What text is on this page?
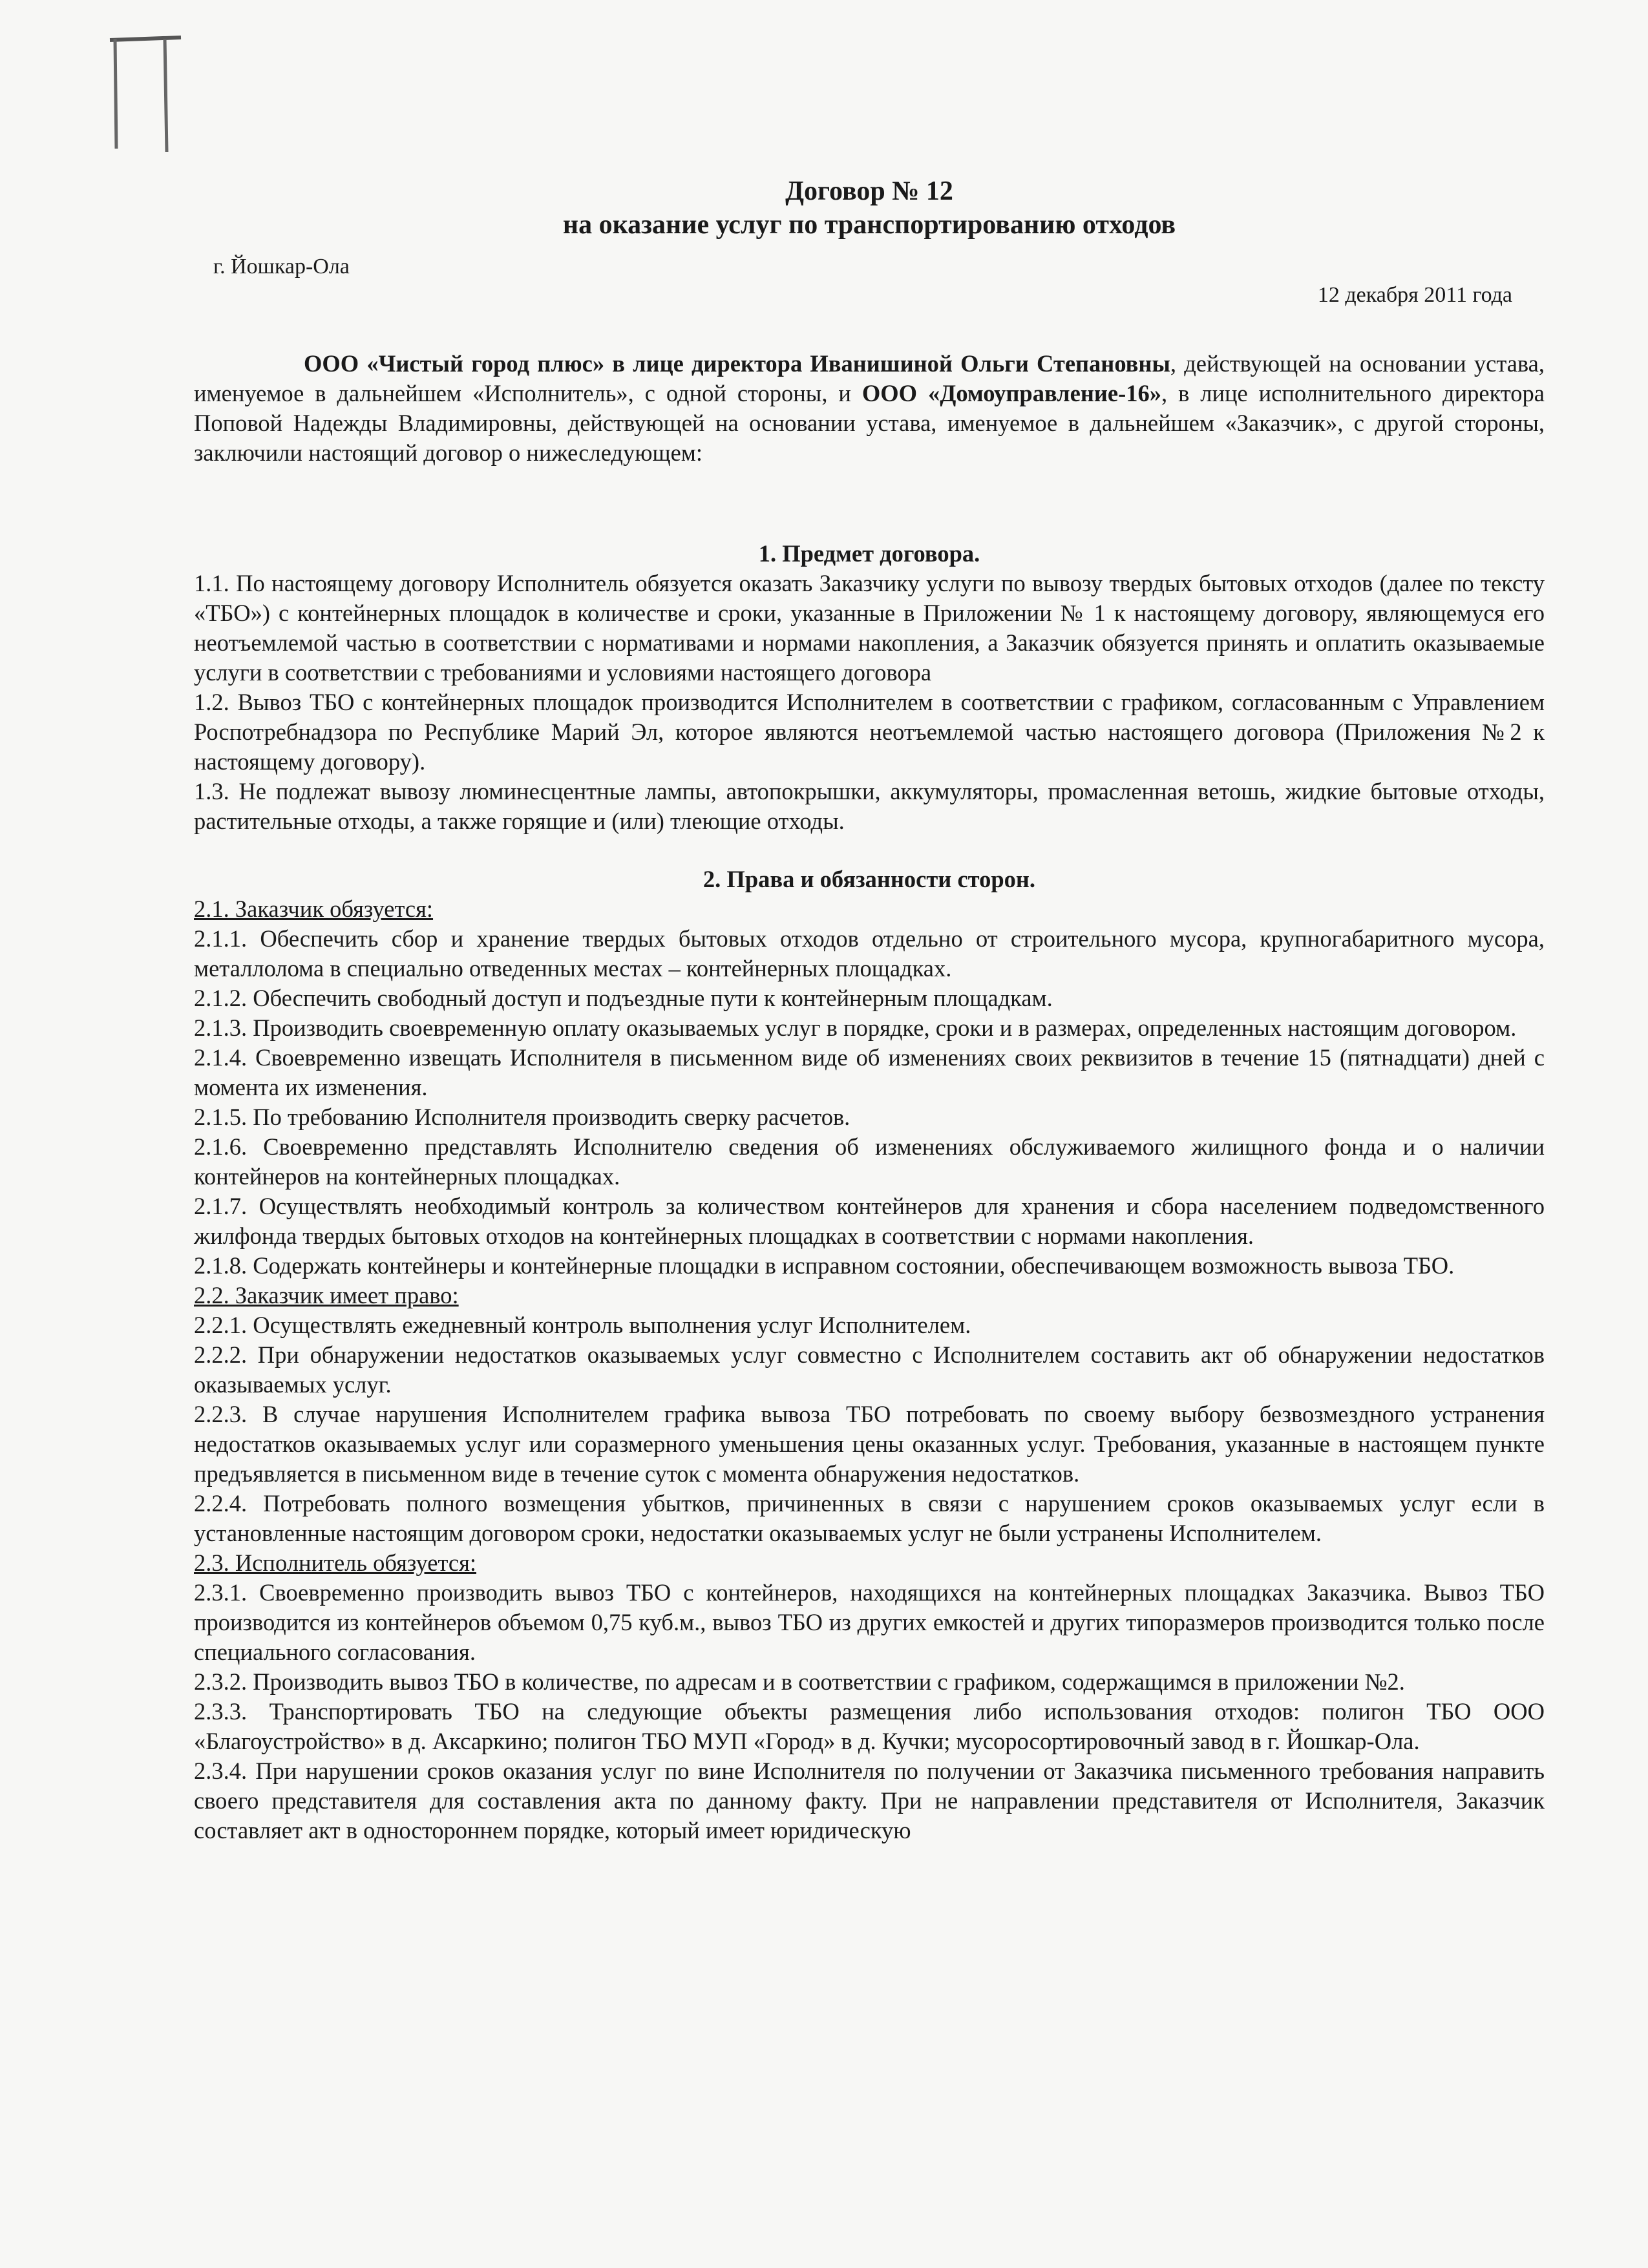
Договор № 12
на оказание услуг по транспортированию отходов
г. Йошкар-Ола
12 декабря 2011 года

ООО «Чистый город плюс» в лице директора Иванишиной Ольги Степановны, действующей на основании устава, именуемое в дальнейшем «Исполнитель», с одной стороны, и ООО «Домоуправление-16», в лице исполнительного директора Поповой Надежды Владимировны, действующей на основании устава, именуемое в дальнейшем «Заказчик», с другой стороны, заключили настоящий договор о нижеследующем:

1. Предмет договора.

1.1. По настоящему договору Исполнитель обязуется оказать Заказчику услуги по вывозу твердых бытовых отходов (далее по тексту «ТБО») с контейнерных площадок в количестве и сроки, указанные в Приложении № 1 к настоящему договору, являющемуся его неотъемлемой частью в соответствии с нормативами и нормами накопления, а Заказчик обязуется принять и оплатить оказываемые услуги в соответствии с требованиями и условиями настоящего договора

1.2. Вывоз ТБО с контейнерных площадок производится Исполнителем в соответствии с графиком, согласованным с Управлением Роспотребнадзора по Республике Марий Эл, которое являются неотъемлемой частью настоящего договора (Приложения №2 к настоящему договору).

1.3. Не подлежат вывозу люминесцентные лампы, автопокрышки, аккумуляторы, промасленная ветошь, жидкие бытовые отходы, растительные отходы, а также горящие и (или) тлеющие отходы.

2. Права и обязанности сторон.

2.1. Заказчик обязуется:

2.1.1. Обеспечить сбор и хранение твердых бытовых отходов отдельно от строительного мусора, крупногабаритного мусора, металлолома в специально отведенных местах – контейнерных площадках.

2.1.2. Обеспечить свободный доступ и подъездные пути к контейнерным площадкам.

2.1.3. Производить своевременную оплату оказываемых услуг в порядке, сроки и в размерах, определенных настоящим договором.

2.1.4. Своевременно извещать Исполнителя в письменном виде об изменениях своих реквизитов в течение 15 (пятнадцати) дней с момента их изменения.

2.1.5. По требованию Исполнителя производить сверку расчетов.

2.1.6. Своевременно представлять Исполнителю сведения об изменениях обслуживаемого жилищного фонда и о наличии контейнеров на контейнерных площадках.

2.1.7. Осуществлять необходимый контроль за количеством контейнеров для хранения и сбора населением подведомственного жилфонда твердых бытовых отходов на контейнерных площадках в соответствии с нормами накопления.

2.1.8. Содержать контейнеры и контейнерные площадки в исправном состоянии, обеспечивающем возможность вывоза ТБО.

2.2. Заказчик имеет право:

2.2.1. Осуществлять ежедневный контроль выполнения услуг Исполнителем.

2.2.2. При обнаружении недостатков оказываемых услуг совместно с Исполнителем составить акт об обнаружении недостатков оказываемых услуг.

2.2.3. В случае нарушения Исполнителем графика вывоза ТБО потребовать по своему выбору безвозмездного устранения недостатков оказываемых услуг или соразмерного уменьшения цены оказанных услуг. Требования, указанные в настоящем пункте предъявляется в письменном виде в течение суток с момента обнаружения недостатков.

2.2.4. Потребовать полного возмещения убытков, причиненных в связи с нарушением сроков оказываемых услуг если в установленные настоящим договором сроки, недостатки оказываемых услуг не были устранены Исполнителем.

2.3. Исполнитель обязуется:

2.3.1. Своевременно производить вывоз ТБО с контейнеров, находящихся на контейнерных площадках Заказчика. Вывоз ТБО производится из контейнеров объемом 0,75 куб.м., вывоз ТБО из других емкостей и других типоразмеров производится только после специального согласования.

2.3.2. Производить вывоз ТБО в количестве, по адресам и в соответствии с графиком, содержащимся в приложении №2.

2.3.3. Транспортировать ТБО на следующие объекты размещения либо использования отходов: полигон ТБО ООО «Благоустройство» в д. Аксаркино; полигон ТБО МУП «Город» в д. Кучки; мусоросортировочный завод в г. Йошкар-Ола.

2.3.4. При нарушении сроков оказания услуг по вине Исполнителя по получении от Заказчика письменного требования направить своего представителя для составления акта по данному факту. При не направлении представителя от Исполнителя, Заказчик составляет акт в одностороннем порядке, который имеет юридическую
